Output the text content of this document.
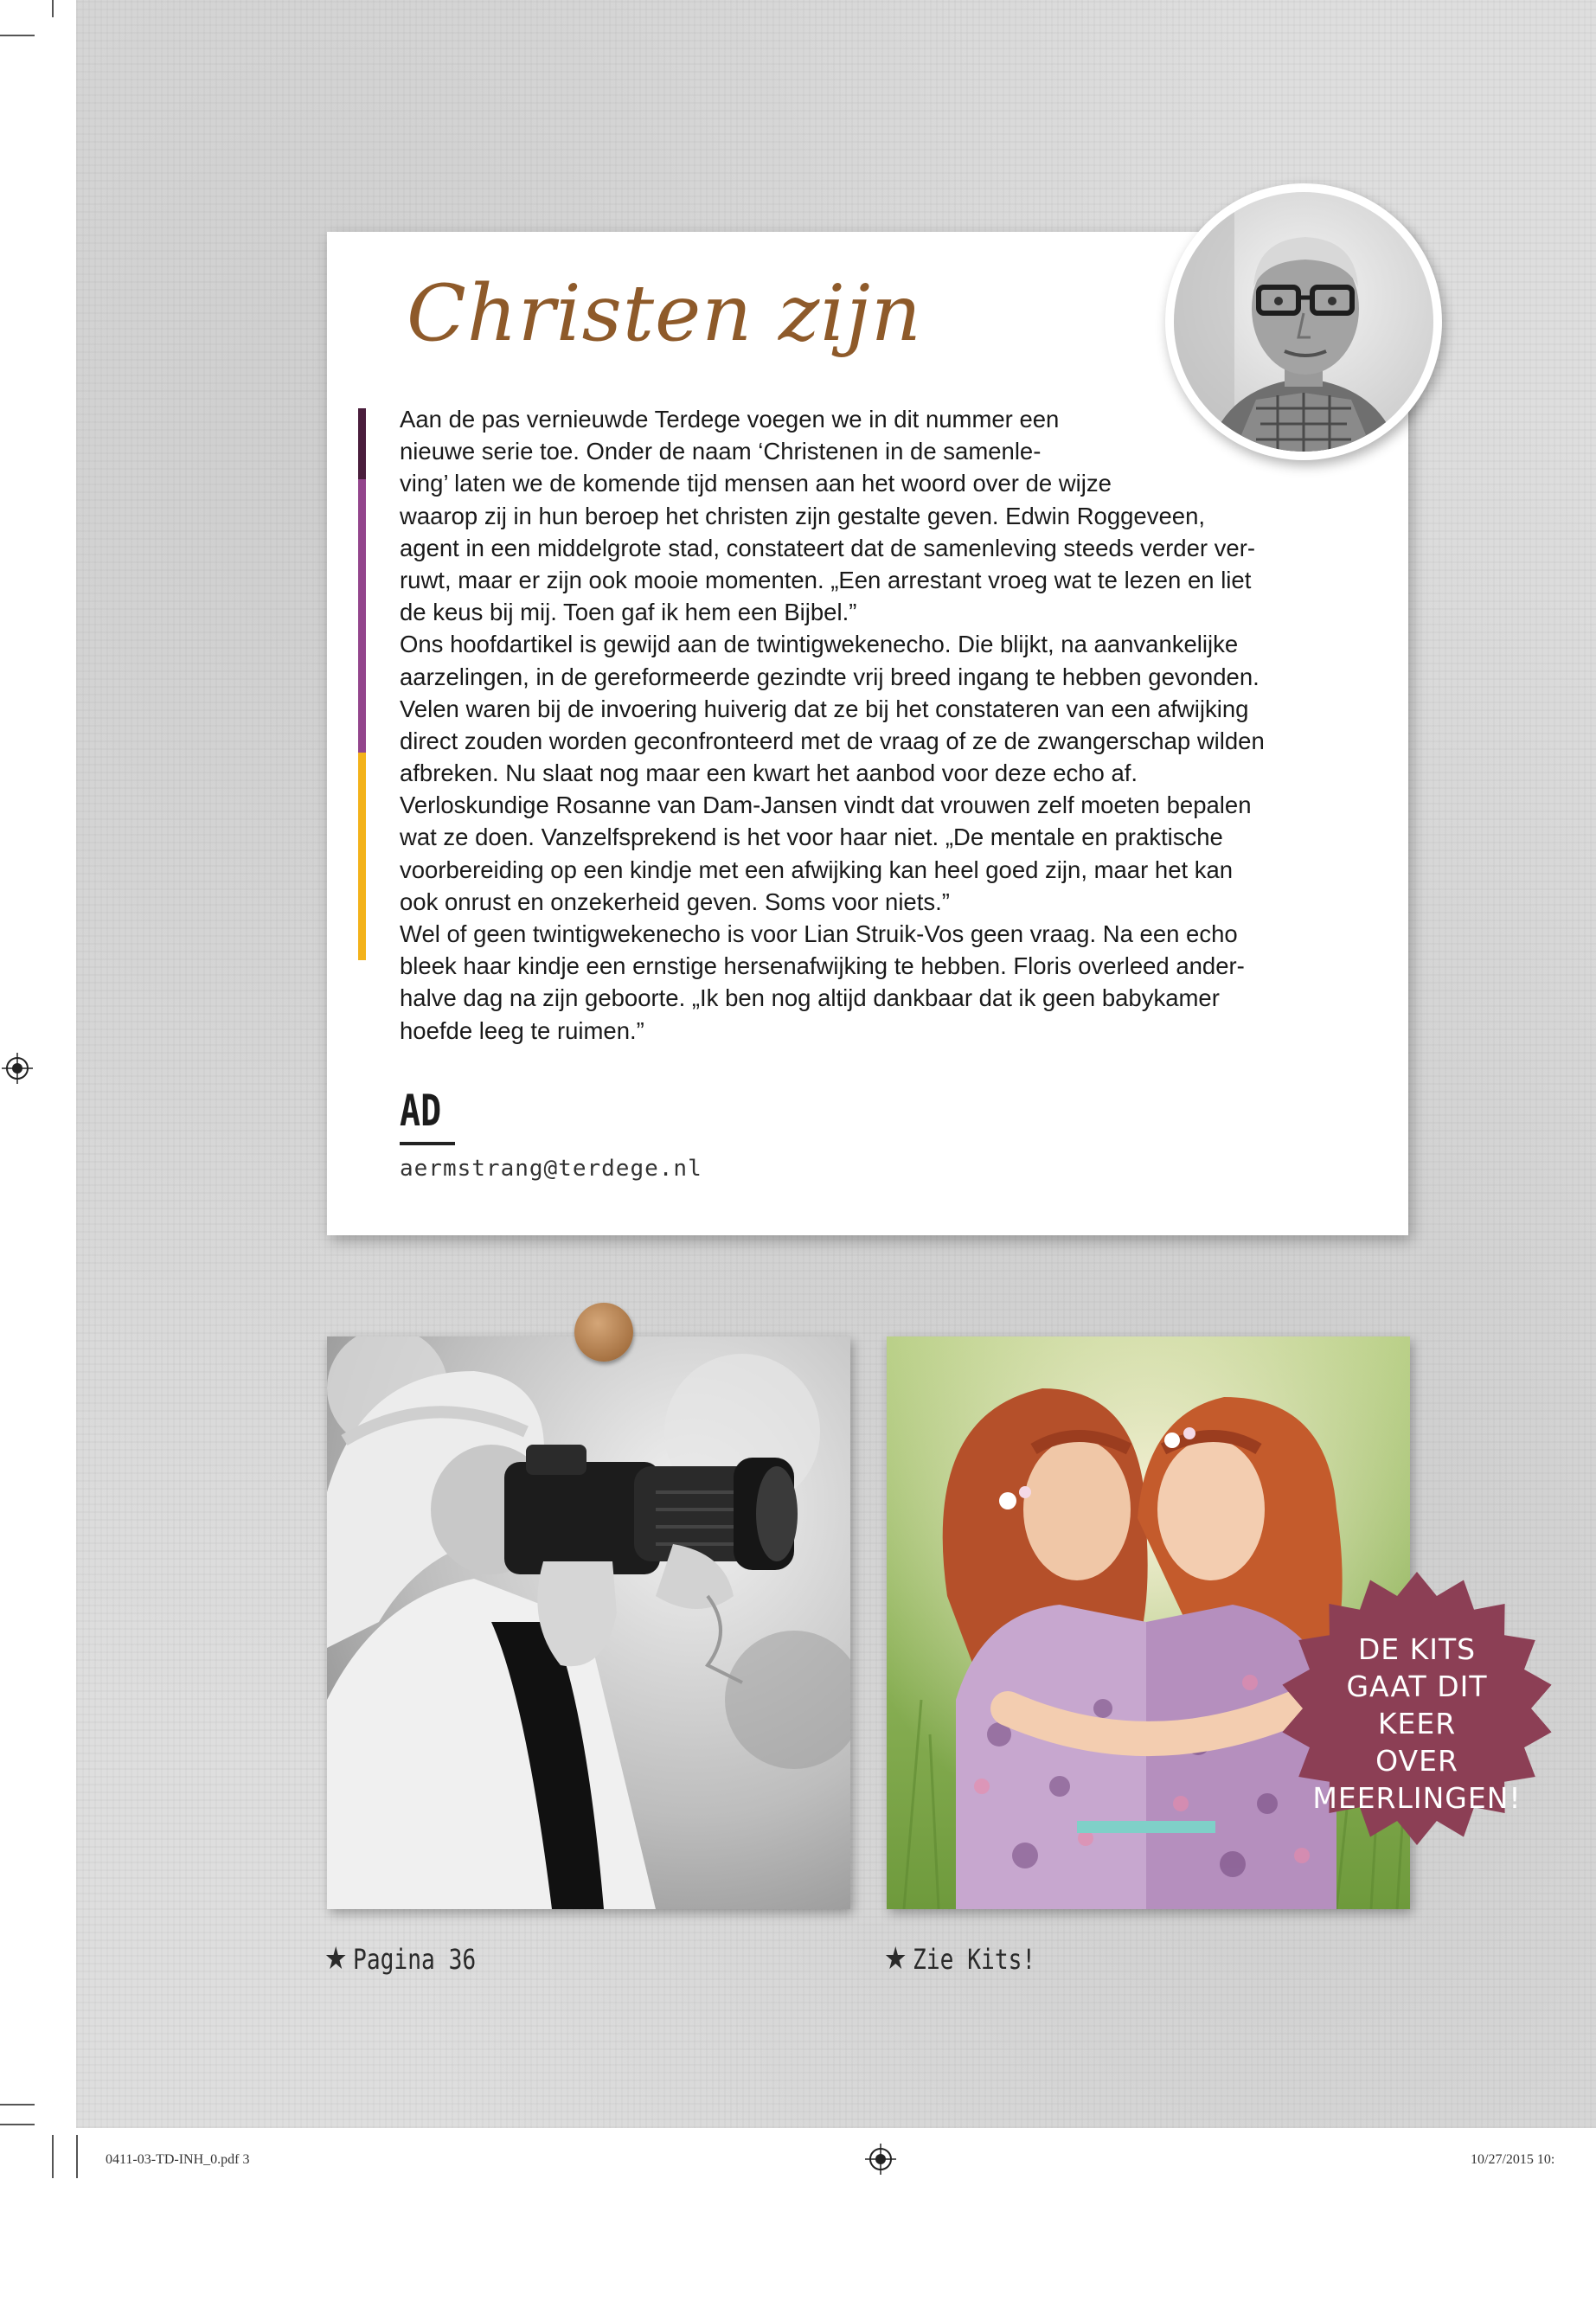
Christen zijn
Aan de pas vernieuwde Terdege voegen we in dit nummer een
nieuwe serie toe. Onder de naam ‘Christenen in de samenle-
ving’ laten we de komende tijd mensen aan het woord over de wijze
waarop zij in hun beroep het christen zijn gestalte geven. Edwin Roggeveen,
agent in een middelgrote stad, constateert dat de samenleving steeds verder ver-
ruwt, maar er zijn ook mooie momenten. „Een arrestant vroeg wat te lezen en liet
de keus bij mij. Toen gaf ik hem een Bijbel.”
Ons hoofdartikel is gewijd aan de twintigwekenecho. Die blijkt, na aanvankelijke
aarzelingen, in de gereformeerde gezindte vrij breed ingang te hebben gevonden.
Velen waren bij de invoering huiverig dat ze bij het constateren van een afwijking
direct zouden worden geconfronteerd met de vraag of ze de zwangerschap wilden
afbreken. Nu slaat nog maar een kwart het aanbod voor deze echo af.
Verloskundige Rosanne van Dam-Jansen vindt dat vrouwen zelf moeten bepalen
wat ze doen. Vanzelfsprekend is het voor haar niet. „De mentale en praktische
voorbereiding op een kindje met een afwijking kan heel goed zijn, maar het kan
ook onrust en onzekerheid geven. Soms voor niets.”
Wel of geen twintigwekenecho is voor Lian Struik-Vos geen vraag. Na een echo
bleek haar kindje een ernstige hersenafwijking te hebben. Floris overleed ander-
halve dag na zijn geboorte. „Ik ben nog altijd dankbaar dat ik geen babykamer
hoefde leeg te ruimen.”
AD
aermstrang@terdege.nl
DE KITS
GAAT DIT
KEER
OVER
MEERLINGEN!
★ Pagina 36	★ Zie Kits!
0411-03-TD-INH_0.pdf 3	10/27/2015 10:
